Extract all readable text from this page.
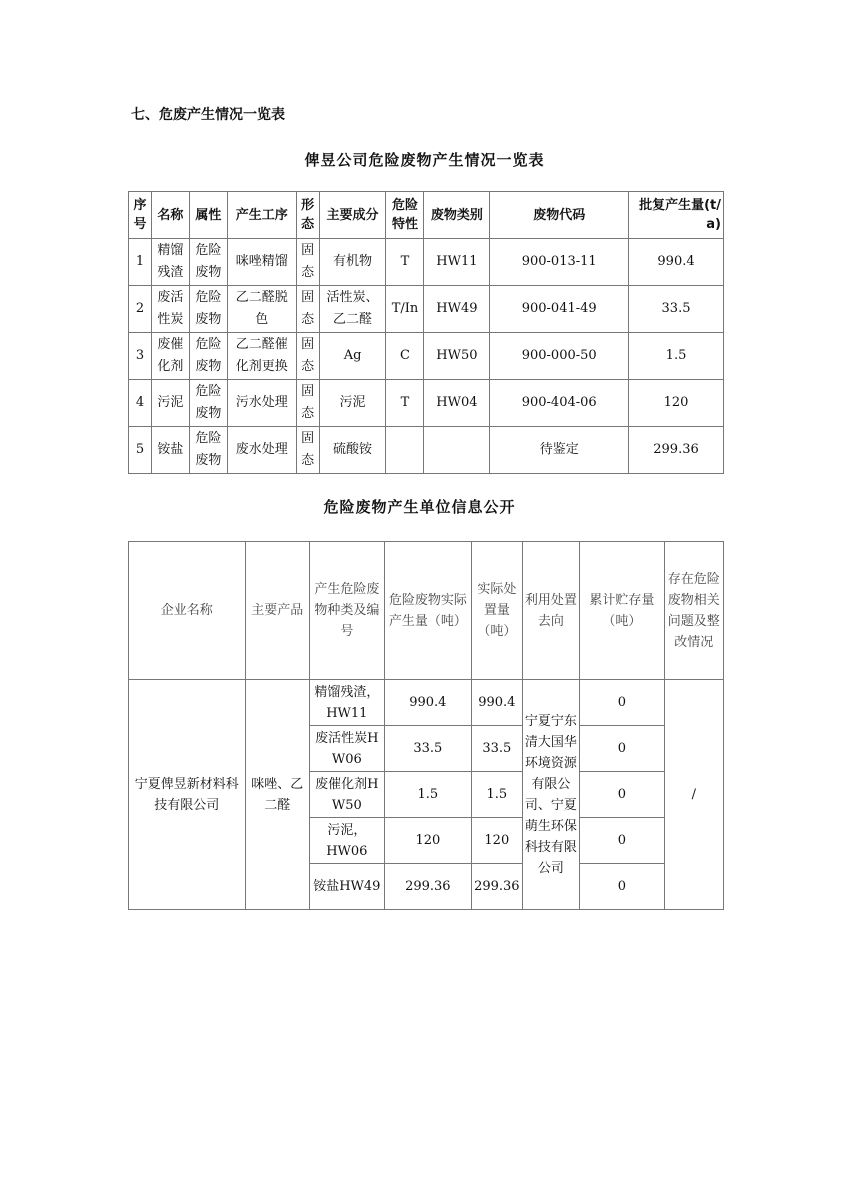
七、危废产生情况一览表
俾昱公司危险废物产生情况一览表
序号	名称	属性	产生工序	形态	主要成分	危险特性	废物类别	废物代码	批复产生量(t/a)
1	精馏残渣	危险废物	咪唑精馏	固态	有机物	T	HW11	900-013-11	990.4
2	废活性炭	危险废物	乙二醛脱色	固态	活性炭、乙二醛	T/In	HW49	900-041-49	33.5
3	废催化剂	危险废物	乙二醛催化剂更换	固态	Ag	C	HW50	900-000-50	1.5
4	污泥	危险废物	污水处理	固态	污泥	T	HW04	900-404-06	120
5	铵盐	危险废物	废水处理	固态	硫酸铵			待鉴定	299.36
危险废物产生单位信息公开
企业名称	主要产品	产生危险废物种类及编号	危险废物实际产生量（吨）	实际处置量（吨）	利用处置去向	累计贮存量（吨）	存在危险废物相关问题及整改情况
宁夏俾昱新材料科技有限公司	咪唑、乙二醛	精馏残渣，HW11	990.4	990.4	宁夏宁东清大国华环境资源有限公司、宁夏萌生环保科技有限公司	0	/
		废活性炭HW06	33.5	33.5		0	
		废催化剂HW50	1.5	1.5		0	
		污泥，HW06	120	120		0	
		铵盐HW49	299.36	299.36		0	
